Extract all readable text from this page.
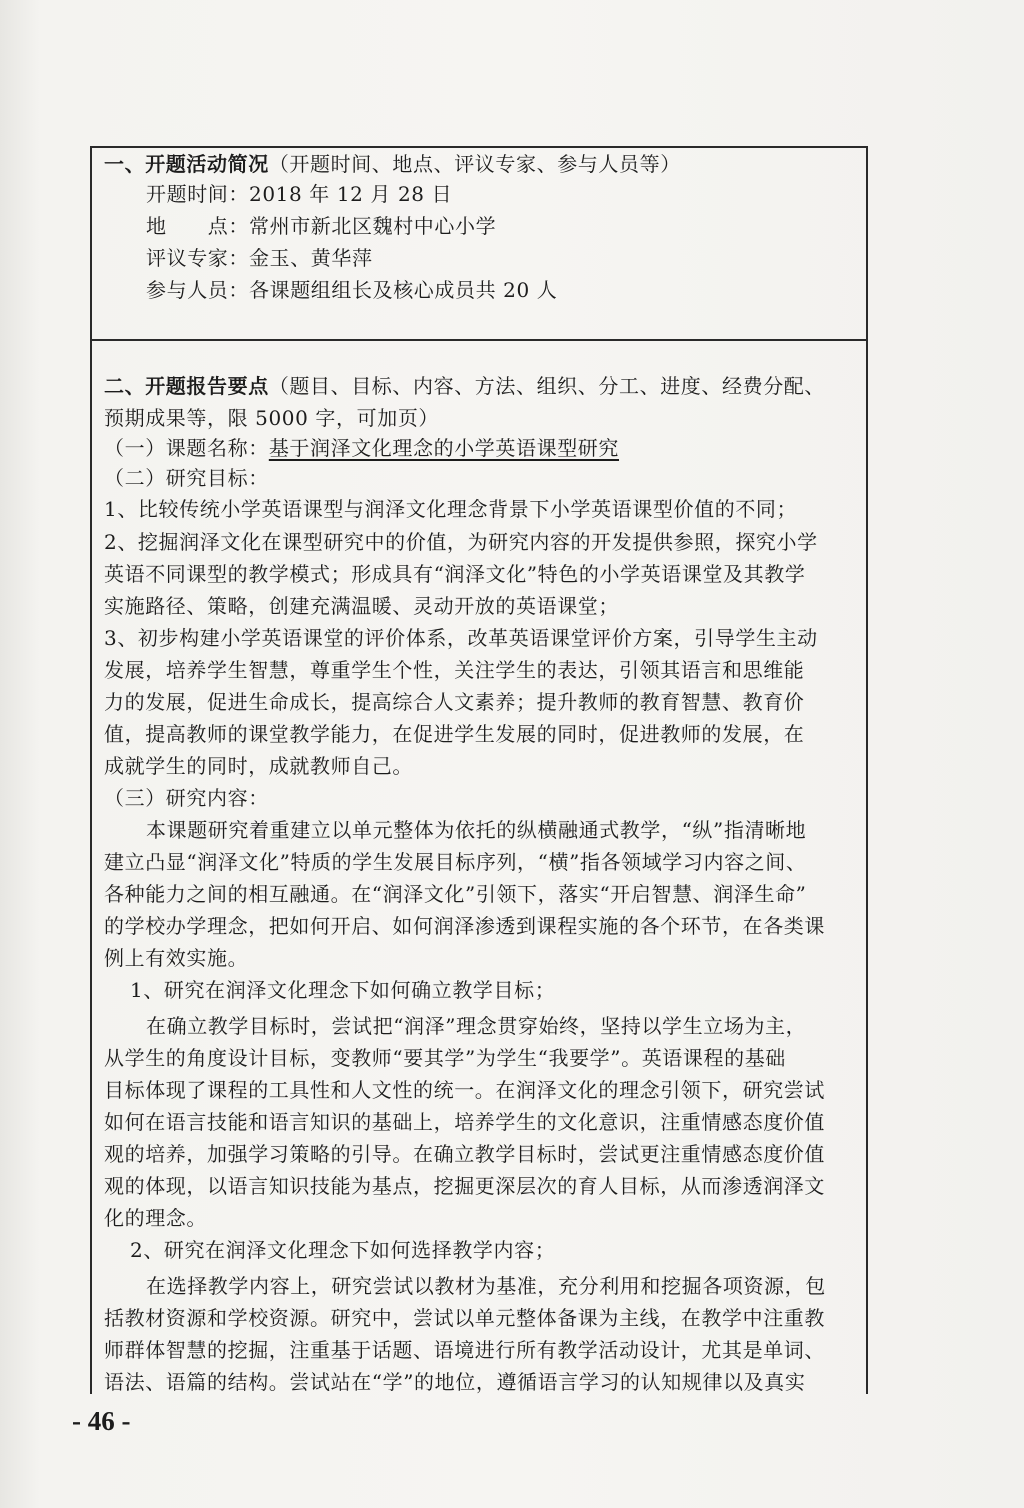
一、开题活动简况（开题时间、地点、评议专家、参与人员等）
开题时间：2018 年 12 月 28 日
地　　点：常州市新北区魏村中心小学
评议专家：金玉、黄华萍
参与人员：各课题组组长及核心成员共 20 人
二、开题报告要点（题目、目标、内容、方法、组织、分工、进度、经费分配、
预期成果等，限 5000 字，可加页）
（一）课题名称：基于润泽文化理念的小学英语课型研究
（二）研究目标：
1、比较传统小学英语课型与润泽文化理念背景下小学英语课型价值的不同；
2、挖掘润泽文化在课型研究中的价值，为研究内容的开发提供参照，探究小学
英语不同课型的教学模式；形成具有“润泽文化”特色的小学英语课堂及其教学
实施路径、策略，创建充满温暖、灵动开放的英语课堂；
3、初步构建小学英语课堂的评价体系，改革英语课堂评价方案，引导学生主动
发展，培养学生智慧，尊重学生个性，关注学生的表达，引领其语言和思维能
力的发展，促进生命成长，提高综合人文素养；提升教师的教育智慧、教育价
值，提高教师的课堂教学能力，在促进学生发展的同时，促进教师的发展，在
成就学生的同时，成就教师自己。
（三）研究内容：
本课题研究着重建立以单元整体为依托的纵横融通式教学，“纵”指清晰地
建立凸显“润泽文化”特质的学生发展目标序列，“横”指各领域学习内容之间、
各种能力之间的相互融通。在“润泽文化”引领下，落实“开启智慧、润泽生命”
的学校办学理念，把如何开启、如何润泽渗透到课程实施的各个环节，在各类课
例上有效实施。
1、研究在润泽文化理念下如何确立教学目标；
在确立教学目标时，尝试把“润泽”理念贯穿始终，坚持以学生立场为主，
从学生的角度设计目标，变教师“要其学”为学生“我要学”。英语课程的基础
目标体现了课程的工具性和人文性的统一。在润泽文化的理念引领下，研究尝试
如何在语言技能和语言知识的基础上，培养学生的文化意识，注重情感态度价值
观的培养，加强学习策略的引导。在确立教学目标时，尝试更注重情感态度价值
观的体现，以语言知识技能为基点，挖掘更深层次的育人目标，从而渗透润泽文
化的理念。
2、研究在润泽文化理念下如何选择教学内容；
在选择教学内容上，研究尝试以教材为基准，充分利用和挖掘各项资源，包
括教材资源和学校资源。研究中，尝试以单元整体备课为主线，在教学中注重教
师群体智慧的挖掘，注重基于话题、语境进行所有教学活动设计，尤其是单词、
语法、语篇的结构。尝试站在“学”的地位，遵循语言学习的认知规律以及真实
- 46 -
